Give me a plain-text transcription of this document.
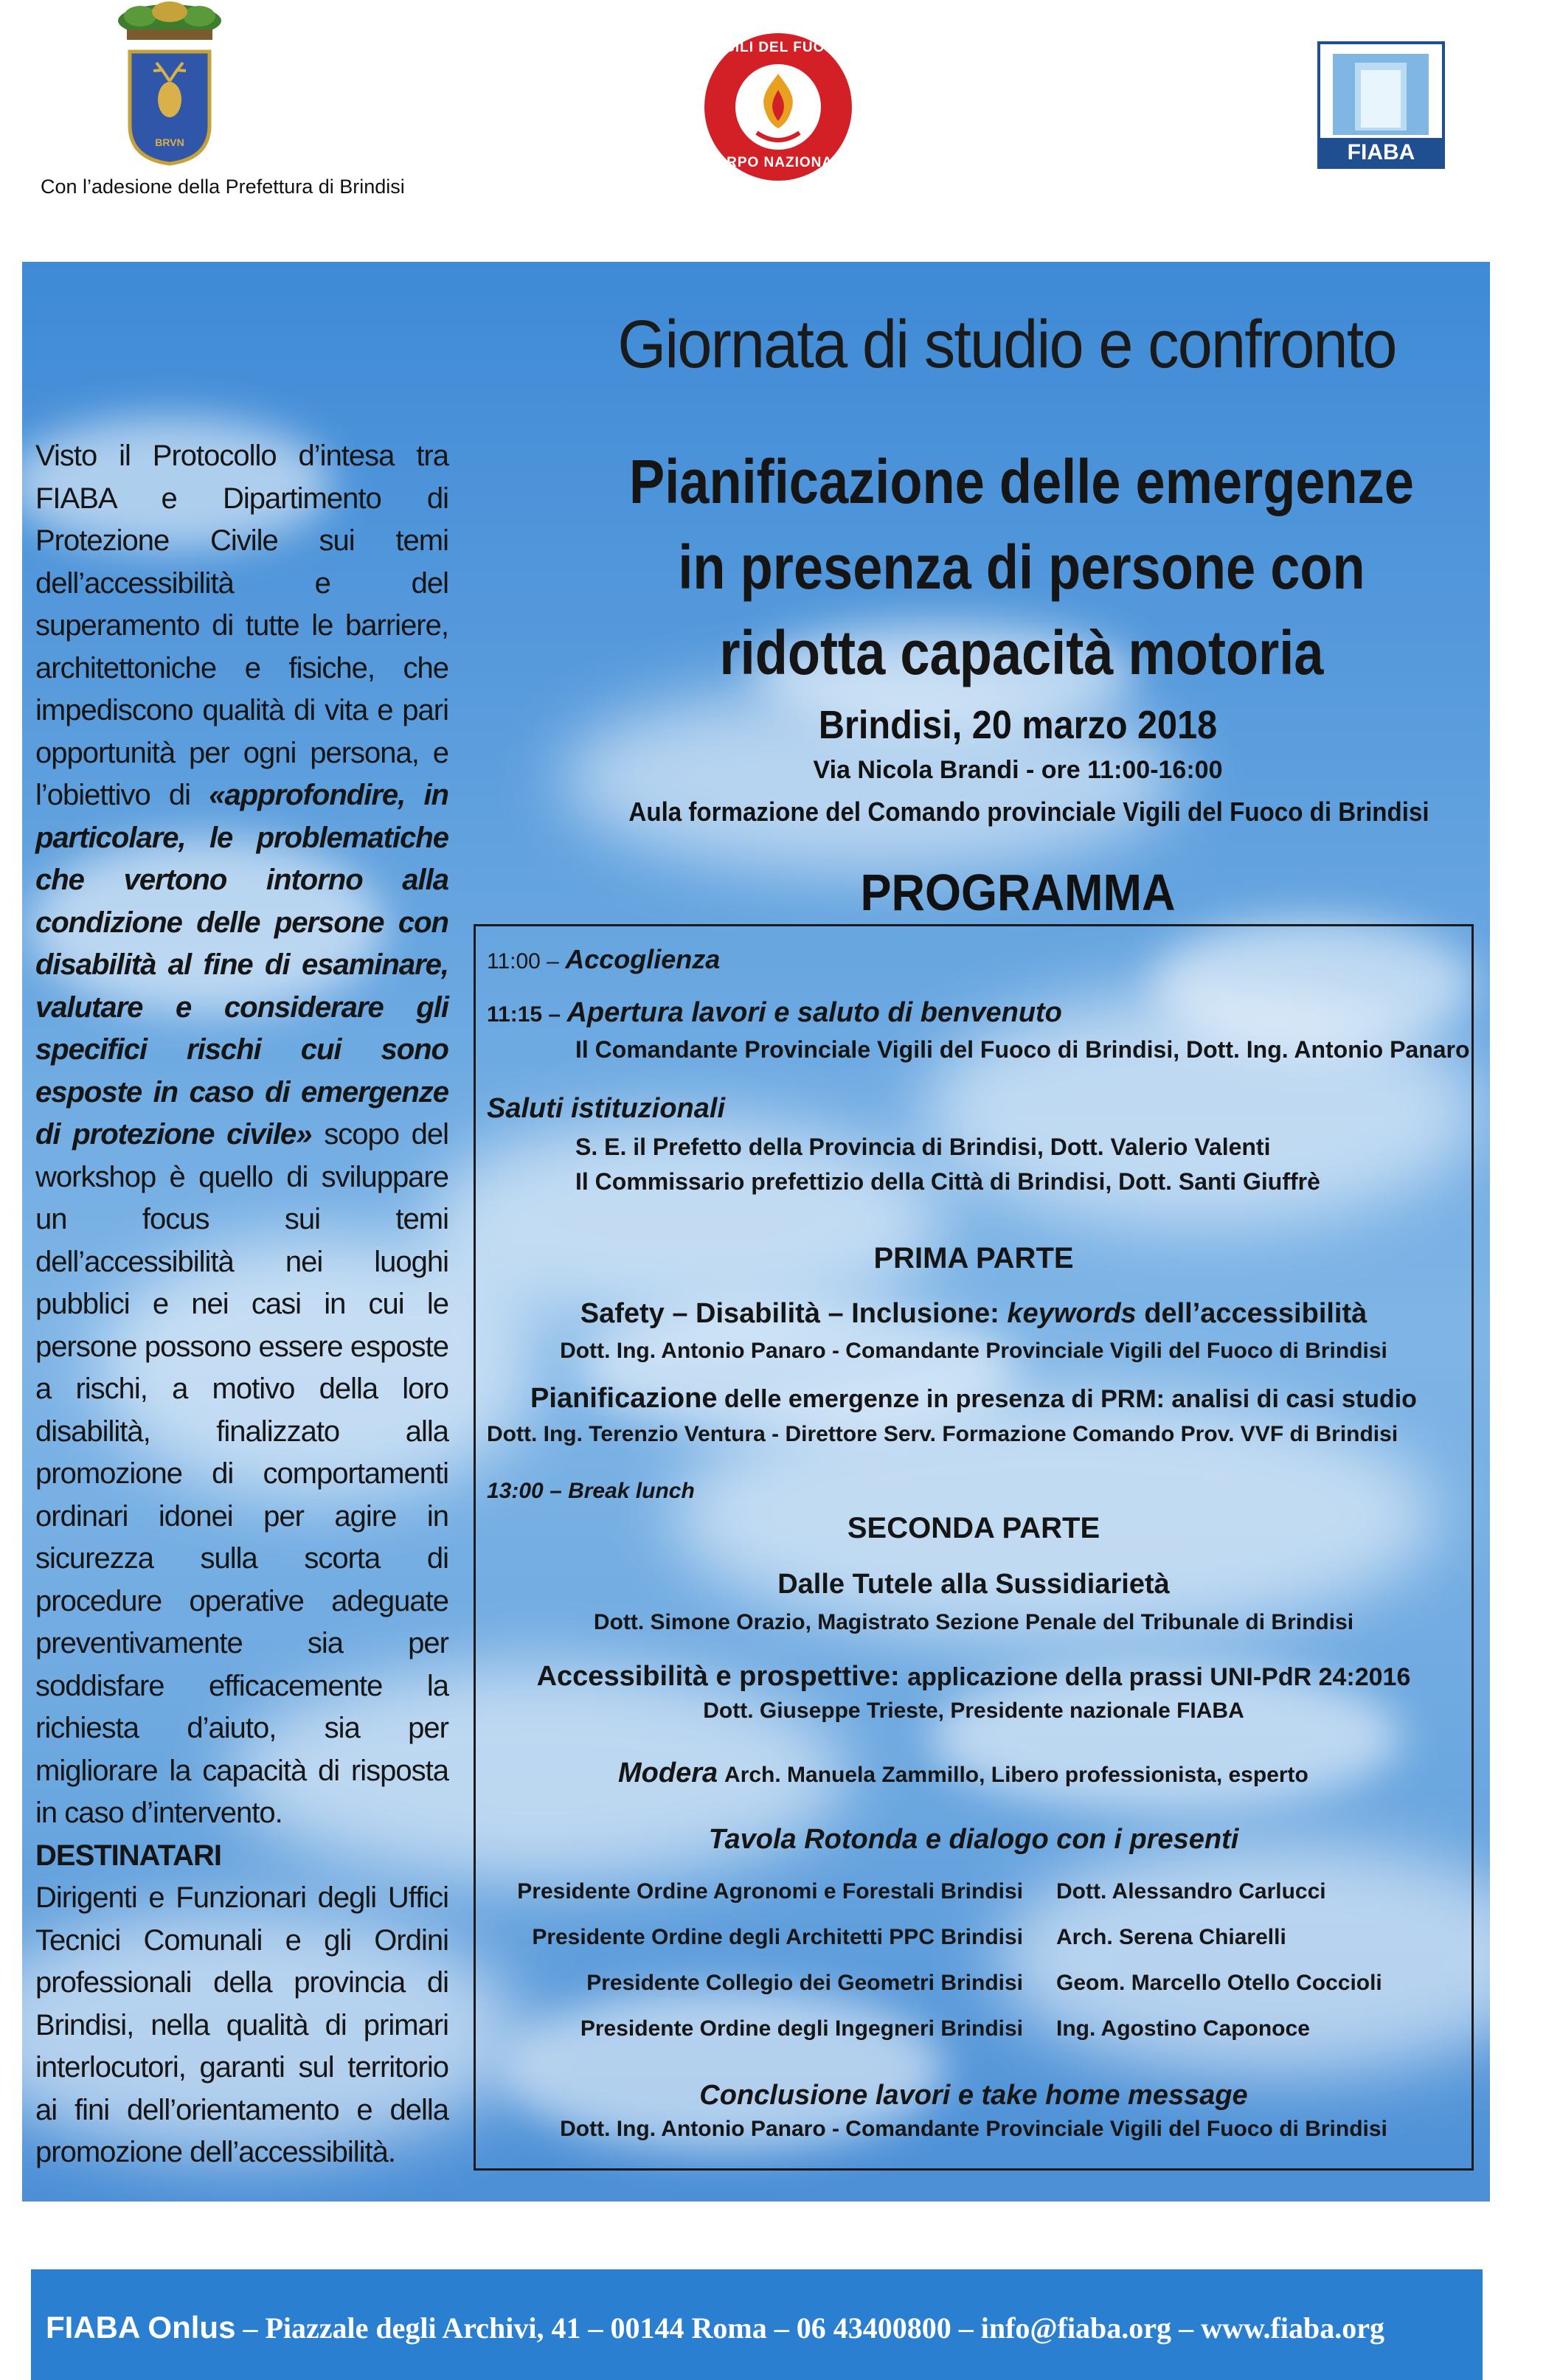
BRVN
VIGILI DEL FUOCO
CORPO NAZIONALE	FIABA
Con l’adesione della Prefettura di Brindisi

Visto il Protocollo d’intesa tra FIABA e Dipartimento di Protezione Civile sui temi dell’accessibilità e del superamento di tutte le barriere, architettoniche e fisiche, che impediscono qualità di vita e pari opportunità per ogni persona, e l’obiettivo di «approfondire, in particolare, le problematiche che vertono intorno alla condizione delle persone con disabilità al fine di esaminare, valutare e considerare gli specifici rischi cui sono esposte in caso di emergenze di protezione civile» scopo del workshop è quello di sviluppare un focus sui temi dell’accessibilità nei luoghi pubblici e nei casi in cui le persone possono essere esposte a rischi, a motivo della loro disabilità, finalizzato alla promozione di comportamenti ordinari idonei per agire in sicurezza sulla scorta di procedure operative adeguate preventivamente sia per soddisfare efficacemente la richiesta d’aiuto, sia per migliorare la capacità di risposta in caso d’intervento.

DESTINATARI

Dirigenti e Funzionari degli Uffici Tecnici Comunali e gli Ordini professionali della provincia di Brindisi, nella qualità di primari interlocutori, garanti sul territorio ai fini dell’orientamento e della promozione dell’accessibilità.

Giornata di studio e confronto
Pianificazione delle emergenze
in presenza di persone con
ridotta capacità motoria
Brindisi, 20 marzo 2018
Via Nicola Brandi - ore 11:00-16:00
Aula formazione del Comando provinciale Vigili del Fuoco di Brindisi
PROGRAMMA
11:00 – Accoglienza
11:15 – Apertura lavori e saluto di benvenuto
Il Comandante Provinciale Vigili del Fuoco di Brindisi, Dott. Ing. Antonio Panaro
Saluti istituzionali
S. E. il Prefetto della Provincia di Brindisi, Dott. Valerio Valenti
Il Commissario prefettizio della Città di Brindisi, Dott. Santi Giuffrè
PRIMA PARTE
Safety – Disabilità – Inclusione: keywords dell’accessibilità
Dott. Ing. Antonio Panaro - Comandante Provinciale Vigili del Fuoco di Brindisi
Pianificazione delle emergenze in presenza di PRM: analisi di casi studio
Dott. Ing. Terenzio Ventura - Direttore Serv. Formazione Comando Prov. VVF di Brindisi
13:00 – Break lunch
SECONDA PARTE
Dalle Tutele alla Sussidiarietà
Dott. Simone Orazio, Magistrato Sezione Penale del Tribunale di Brindisi
Accessibilità e prospettive: applicazione della prassi UNI-PdR 24:2016
Dott. Giuseppe Trieste, Presidente nazionale FIABA
Modera Arch. Manuela Zammillo, Libero professionista, esperto
Tavola Rotonda e dialogo con i presenti
Presidente Ordine Agronomi e Forestali Brindisi Dott. Alessandro Carlucci
Presidente Ordine degli Architetti PPC Brindisi Arch. Serena Chiarelli
Presidente Collegio dei Geometri Brindisi Geom. Marcello Otello Coccioli
Presidente Ordine degli Ingegneri Brindisi Ing. Agostino Caponoce
Conclusione lavori e take home message
Dott. Ing. Antonio Panaro - Comandante Provinciale Vigili del Fuoco di Brindisi
FIABA Onlus – Piazzale degli Archivi, 41 – 00144 Roma – 06 43400800 – info@fiaba.org – www.fiaba.org
